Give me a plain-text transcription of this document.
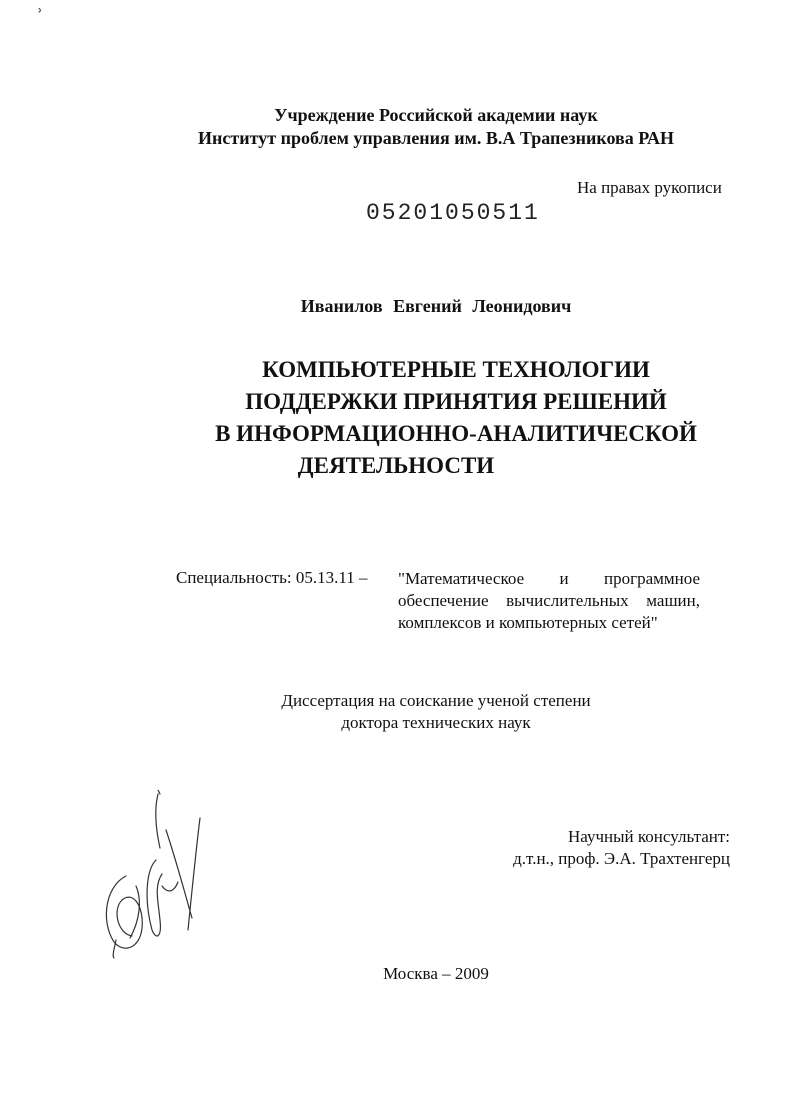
ʾ
Учреждение Российской академии наук
Институт проблем управления им. В.А Трапезникова РАН
На правах рукописи
05201050511
Иванилов Евгений Леонидович
КОМПЬЮТЕРНЫЕ ТЕХНОЛОГИИ
ПОДДЕРЖКИ ПРИНЯТИЯ РЕШЕНИЙ
В ИНФОРМАЦИОННО-АНАЛИТИЧЕСКОЙ
ДЕЯТЕЛЬНОСТИ
Специальность: 05.13.11 – "Математическое и программное обеспечение вычислительных машин, комплексов и компьютерных сетей"
Диссертация на соискание ученой степени
доктора технических наук
Научный консультант:
д.т.н., проф. Э.А. Трахтенгерц
Москва – 2009
